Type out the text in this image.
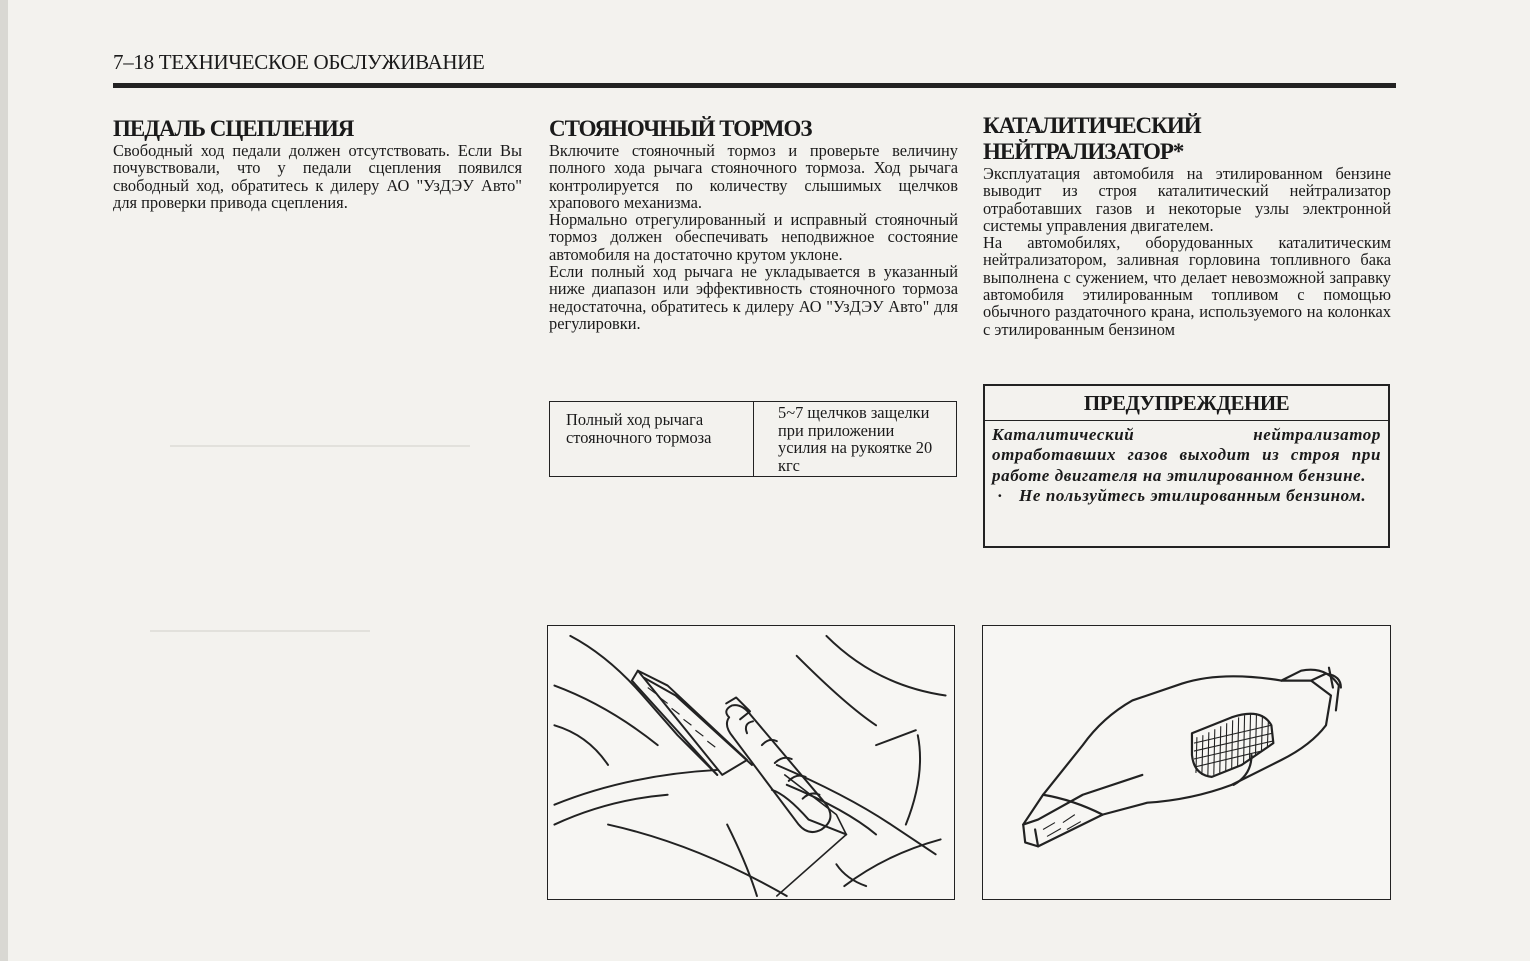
7–18 ТЕХНИЧЕСКОЕ ОБСЛУЖИВАНИЕ
ПЕДАЛЬ СЦЕПЛЕНИЯ

Свободный ход педали должен отсутствовать. Если Вы почувствовали, что у педали сцепления появился свободный ход, обратитесь к дилеру АО "УзДЭУ Авто" для проверки привода сцепления.

СТОЯНОЧНЫЙ ТОРМОЗ

Включите стояночный тормоз и проверьте величину полного хода рычага стояночного тормоза. Ход рычага контролируется по количеству слышимых щелчков храпового механизма.

Нормально отрегулированный и исправный стояночный тормоз должен обеспечивать неподвижное состояние автомобиля на достаточно крутом уклоне.

Если полный ход рычага не укладывается в указанный ниже диапазон или эффективность стояночного тормоза недостаточна, обратитесь к дилеру АО "УзДЭУ Авто" для регулировки.

Полный ход рычага стояночного тормоза
5~7 щелчков защелки при приложении усилия на рукоятке 20 кгс
КАТАЛИТИЧЕСКИЙ
НЕЙТРАЛИЗАТОР*

Эксплуатация автомобиля на этилированном бензине выводит из строя каталитический нейтрализатор отработавших газов и некоторые узлы электронной системы управления двигателем.

На автомобилях, оборудованных каталитическим нейтрализатором, заливная горловина топливного бака выполнена с сужением, что делает невозможной заправку автомобиля этилированным топливом с помощью обычного раздаточного крана, используемого на колонках с этилированным бензином

ПРЕДУПРЕЖДЕНИЕ
Каталитический нейтрализатор отработавших газов выходит из строя при работе двигателя на этилированном бензине.
· Не пользуйтесь этилированным бензином.
